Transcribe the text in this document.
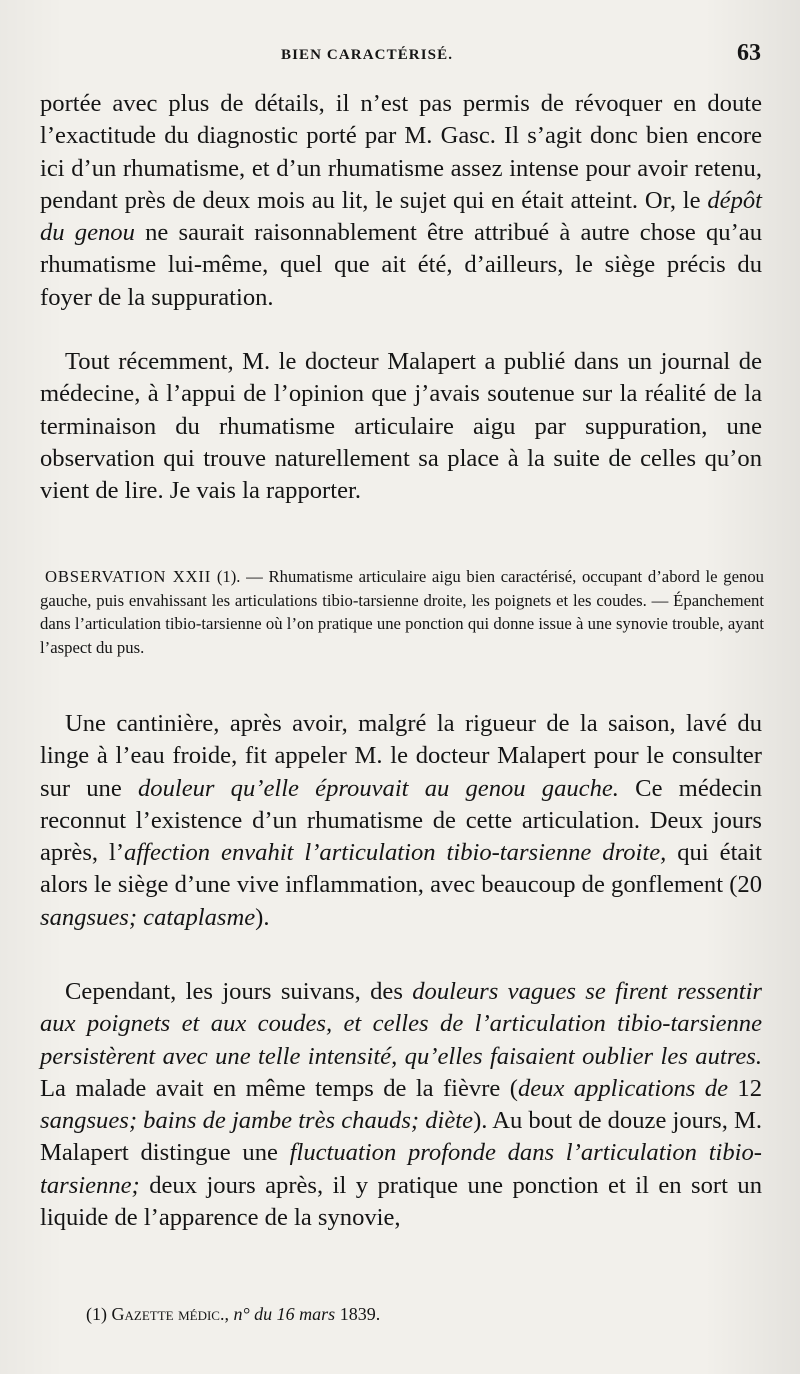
BIEN CARACTÉRISÉ.	63

portée avec plus de détails, il n’est pas permis de révoquer en doute l’exactitude du diagnostic porté par M. Gasc. Il s’agit donc bien encore ici d’un rhumatisme, et d’un rhumatisme assez intense pour avoir retenu, pendant près de deux mois au lit, le sujet qui en était atteint. Or, le dépôt du genou ne saurait raisonnablement être attribué à autre chose qu’au rhumatisme lui-même, quel que ait été, d’ailleurs, le siège précis du foyer de la suppuration.

Tout récemment, M. le docteur Malapert a publié dans un journal de médecine, à l’appui de l’opinion que j’avais soutenue sur la réalité de la terminaison du rhumatisme articulaire aigu par suppuration, une observation qui trouve naturellement sa place à la suite de celles qu’on vient de lire. Je vais la rapporter.

OBSERVATION XXII (1). — Rhumatisme articulaire aigu bien caractérisé, occupant d’abord le genou gauche, puis envahissant les articulations tibio-tarsienne droite, les poignets et les coudes. — Épanchement dans l’articulation tibio-tarsienne où l’on pratique une ponction qui donne issue à une synovie trouble, ayant l’aspect du pus.

Une cantinière, après avoir, malgré la rigueur de la saison, lavé du linge à l’eau froide, fit appeler M. le docteur Malapert pour le consulter sur une douleur qu’elle éprouvait au genou gauche. Ce médecin reconnut l’existence d’un rhumatisme de cette articulation. Deux jours après, l’affection envahit l’articulation tibio-tarsienne droite, qui était alors le siège d’une vive inflammation, avec beaucoup de gonflement (20 sangsues; cataplasme).

Cependant, les jours suivans, des douleurs vagues se firent ressentir aux poignets et aux coudes, et celles de l’articulation tibio-tarsienne persistèrent avec une telle intensité, qu’elles faisaient oublier les autres. La malade avait en même temps de la fièvre (deux applications de 12 sangsues; bains de jambe très chauds; diète). Au bout de douze jours, M. Malapert distingue une fluctuation profonde dans l’articulation tibio-tarsienne; deux jours après, il y pratique une ponction et il en sort un liquide de l’apparence de la synovie,

(1) Gazette médic., n° du 16 mars 1839.
